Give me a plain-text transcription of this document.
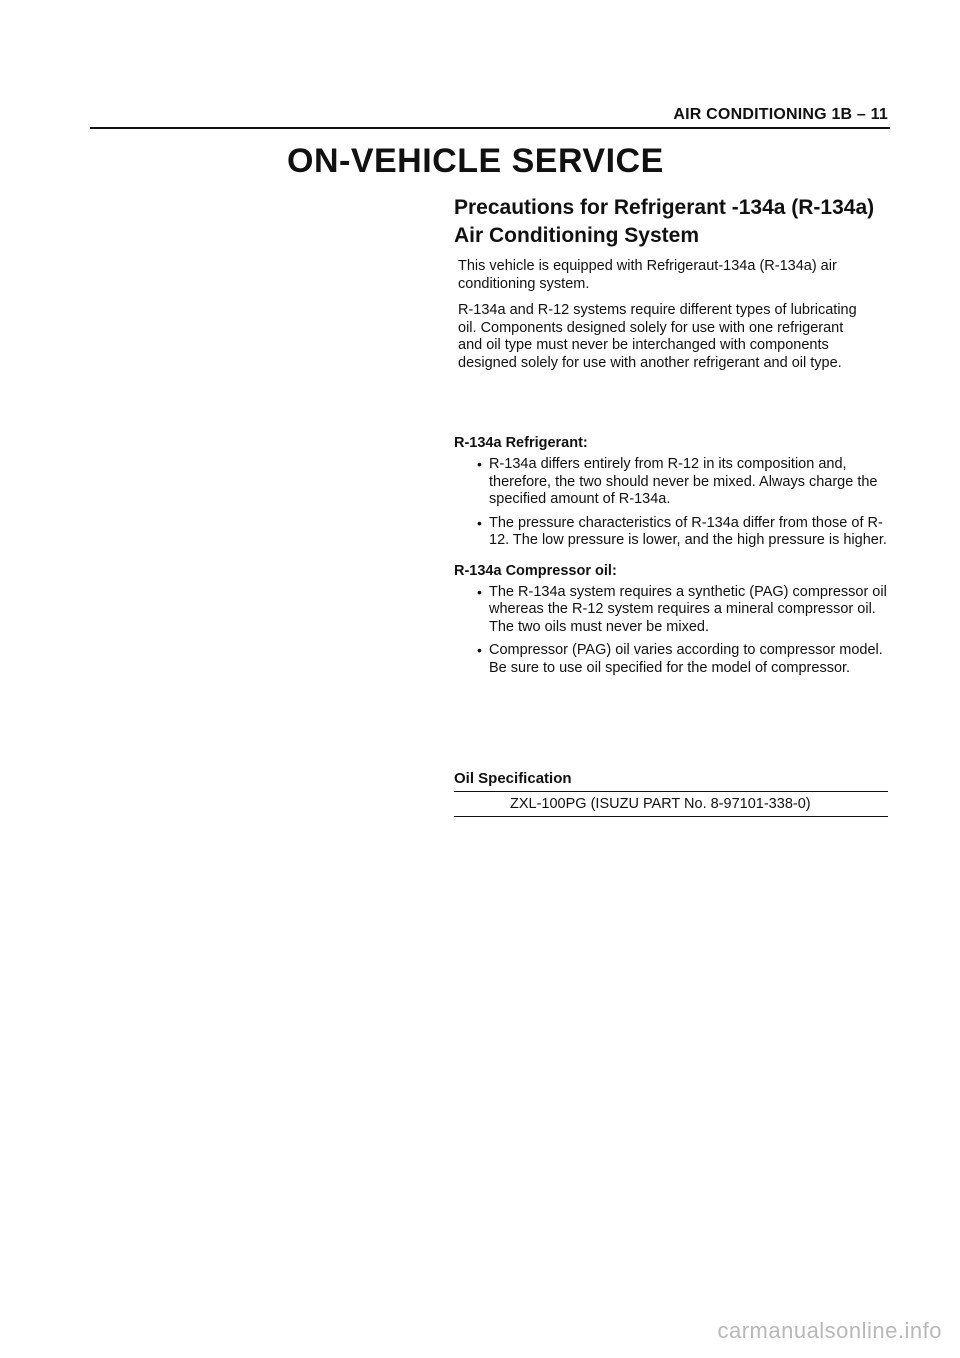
AIR CONDITIONING 1B – 11
ON-VEHICLE SERVICE
Precautions for Refrigerant -134a (R-134a)
Air Conditioning System

This vehicle is equipped with Refrigeraut-134a (R-134a) air conditioning system.

R-134a and R-12 systems require different types of lubricating oil. Components designed solely for use with one refrigerant and oil type must never be interchanged with components designed solely for use with another refrigerant and oil type.

R-134a Refrigerant:

• R-134a differs entirely from R-12 in its composition and, therefore, the two should never be mixed. Always charge the specified amount of R-134a.
• The pressure characteristics of R-134a differ from those of R-12. The low pressure is lower, and the high pressure is higher.

R-134a Compressor oil:

• The R-134a system requires a synthetic (PAG) compressor oil whereas the R-12 system requires a mineral compressor oil. The two oils must never be mixed.
• Compressor (PAG) oil varies according to compressor model. Be sure to use oil specified for the model of compressor.
Oil Specification
ZXL-100PG (ISUZU PART No. 8-97101-338-0)
carmanualsonline.info
